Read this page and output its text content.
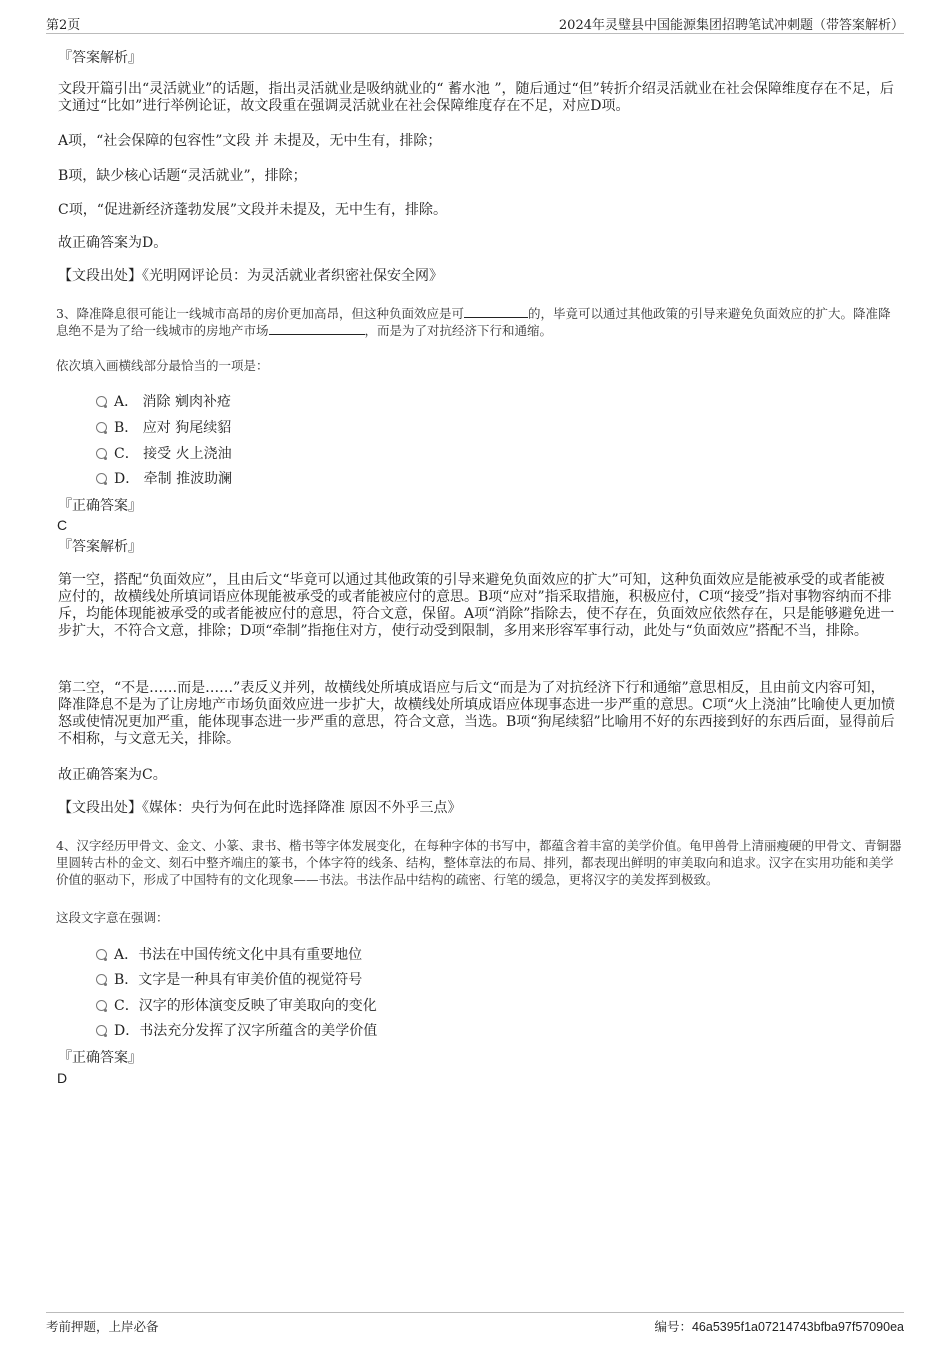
第2页	2024年灵璧县中国能源集团招聘笔试冲刺题（带答案解析）
『答案解析』
文段开篇引出“灵活就业”的话题，指出灵活就业是吸纳就业的“ 蓄水池 ”，随后通过“但”转折介绍灵活就业在社会保障维度存在不足，后文通过“比如”进行举例论证，故文段重在强调灵活就业在社会保障维度存在不足，对应D项。
A项，“社会保障的包容性”文段 并 未提及，无中生有，排除；
B项，缺少核心话题“灵活就业”，排除；
C项，“促进新经济蓬勃发展”文段并未提及，无中生有，排除。
故正确答案为D。
【文段出处】《光明网评论员：为灵活就业者织密社保安全网》
3、降准降息很可能让一线城市高昂的房价更加高昂，但这种负面效应是可	的，毕竟可以通过其他政策的引导来避免负面效应的扩大。降准降息绝不是为了给一线城市的房地产市场	，而是为了对抗经济下行和通缩。
依次填入画横线部分最恰当的一项是：
A． 消除 剜肉补疮
B． 应对 狗尾续貂
C． 接受 火上浇油
D． 牵制 推波助澜
『正确答案』
C
『答案解析』
第一空，搭配“负面效应”，且由后文“毕竟可以通过其他政策的引导来避免负面效应的扩大”可知，这种负面效应是能被承受的或者能被应付的，故横线处所填词语应体现能被承受的或者能被应付的意思。B项“应对”指采取措施，积极应付，C项“接受”指对事物容纳而不排斥，均能体现能被承受的或者能被应付的意思，符合文意，保留。A项“消除”指除去，使不存在，负面效应依然存在，只是能够避免进一步扩大，不符合文意，排除；D项“牵制”指拖住对方，使行动受到限制，多用来形容军事行动，此处与“负面效应”搭配不当，排除。
第二空，“不是……而是……”表反义并列，故横线处所填成语应与后文“而是为了对抗经济下行和通缩”意思相反，且由前文内容可知，降准降息不是为了让房地产市场负面效应进一步扩大，故横线处所填成语应体现事态进一步严重的意思。C项“火上浇油”比喻使人更加愤怒或使情况更加严重，能体现事态进一步严重的意思，符合文意，当选。B项“狗尾续貂”比喻用不好的东西接到好的东西后面，显得前后不相称，与文意无关，排除。
故正确答案为C。
【文段出处】《媒体：央行为何在此时选择降准 原因不外乎三点》
4、汉字经历甲骨文、金文、小篆、隶书、楷书等字体发展变化，在每种字体的书写中，都蕴含着丰富的美学价值。龟甲兽骨上清丽瘦硬的甲骨文、青铜器里圆转古朴的金文、刻石中整齐端庄的篆书，个体字符的线条、结构，整体章法的布局、排列，都表现出鲜明的审美取向和追求。汉字在实用功能和美学价值的驱动下，形成了中国特有的文化现象——书法。书法作品中结构的疏密、行笔的缓急，更将汉字的美发挥到极致。
这段文字意在强调：
A．书法在中国传统文化中具有重要地位
B．文字是一种具有审美价值的视觉符号
C．汉字的形体演变反映了审美取向的变化
D．书法充分发挥了汉字所蕴含的美学价值
『正确答案』
D
考前押题，上岸必备	编号：46a5395f1a07214743bfba97f57090ea
